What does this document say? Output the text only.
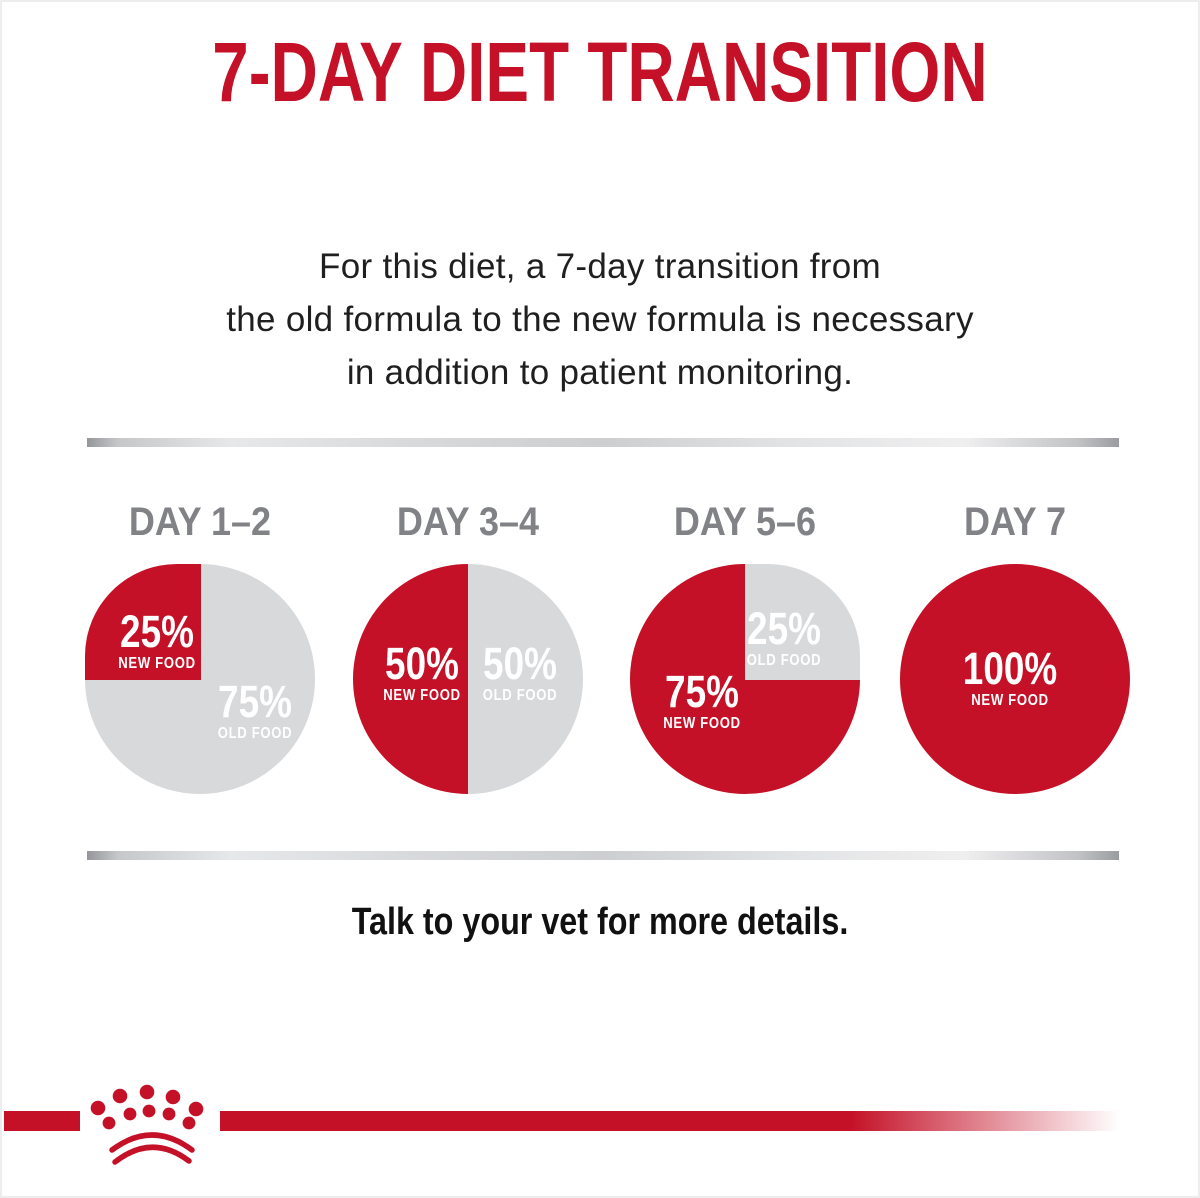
7-DAY DIET TRANSITION
For this diet, a 7-day transition from
the old formula to the new formula is necessary
in addition to patient monitoring.
DAY 1–2
25%
NEW FOOD
75%
OLD FOOD
DAY 3–4
50%
NEW FOOD
50%
OLD FOOD
DAY 5–6
25%
OLD FOOD
75%
NEW FOOD
DAY 7
100%
NEW FOOD
Talk to your vet for more details.
